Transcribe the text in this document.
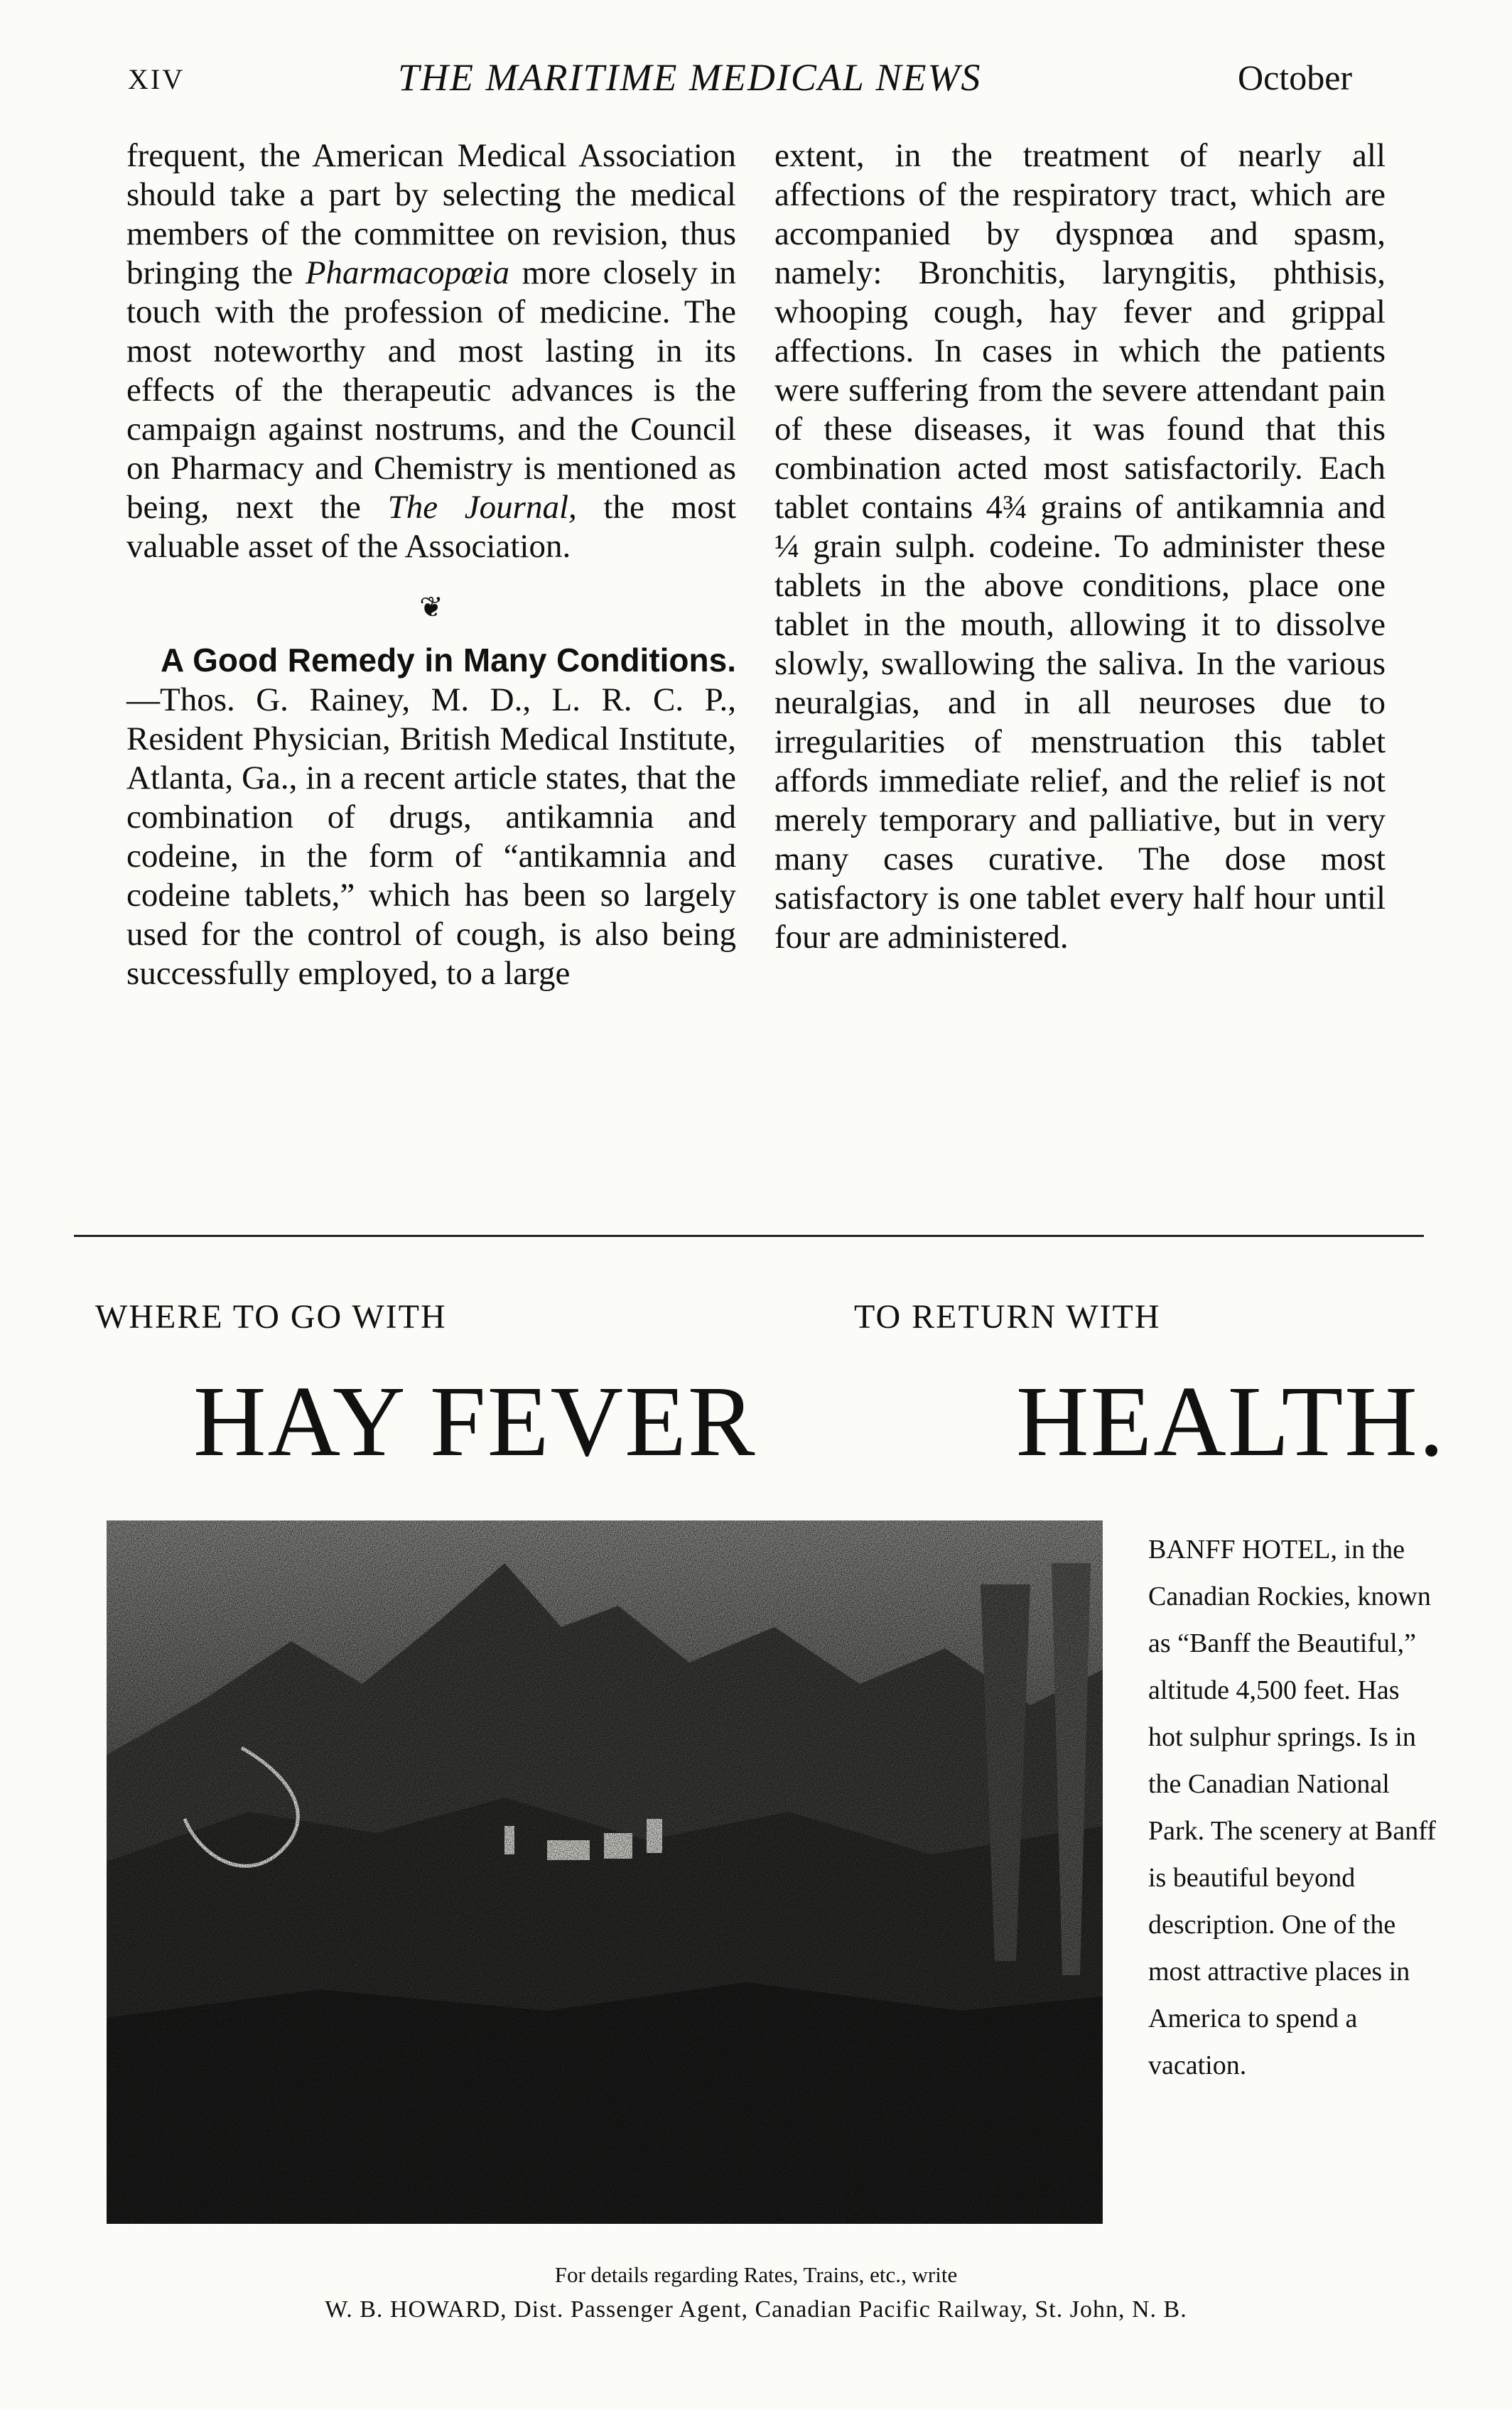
XIV	THE MARITIME MEDICAL NEWS	October

frequent, the American Medical Association should take a part by selecting the medical members of the committee on revision, thus bringing the Pharmacopœia more closely in touch with the profession of medicine. The most noteworthy and most lasting in its effects of the therapeutic advances is the campaign against nostrums, and the Council on Pharmacy and Chemistry is mentioned as being, next the The Journal, the most valuable asset of the Association.

❦

A Good Remedy in Many Conditions.—Thos. G. Rainey, M. D., L. R. C. P., Resident Physician, British Medical Institute, Atlanta, Ga., in a recent article states, that the combination of drugs, antikamnia and codeine, in the form of “antikamnia and codeine tablets,” which has been so largely used for the control of cough, is also being successfully employed, to a large

extent, in the treatment of nearly all affections of the respiratory tract, which are accompanied by dyspnœa and spasm, namely: Bronchitis, laryngitis, phthisis, whooping cough, hay fever and grippal affections. In cases in which the patients were suffering from the severe attendant pain of these diseases, it was found that this combination acted most satisfactorily. Each tablet contains 4¾ grains of antikamnia and ¼ grain sulph. codeine. To administer these tablets in the above conditions, place one tablet in the mouth, allowing it to dissolve slowly, swallowing the saliva. In the various neuralgias, and in all neuroses due to irregularities of menstruation this tablet affords immediate relief, and the relief is not merely temporary and palliative, but in very many cases curative. The dose most satisfactory is one tablet every half hour until four are administered.

WHERE TO GO WITH	TO RETURN WITH
HAY FEVER	HEALTH.
BANFF HOTEL, in the Canadian Rockies, known as “Banff the Beautiful,” altitude 4,500 feet. Has hot sulphur springs. Is in the Canadian National Park. The scenery at Banff is beautiful beyond description. One of the most attractive places in America to spend a vacation.
For details regarding Rates, Trains, etc., write
W. B. HOWARD, Dist. Passenger Agent, Canadian Pacific Railway, St. John, N. B.
